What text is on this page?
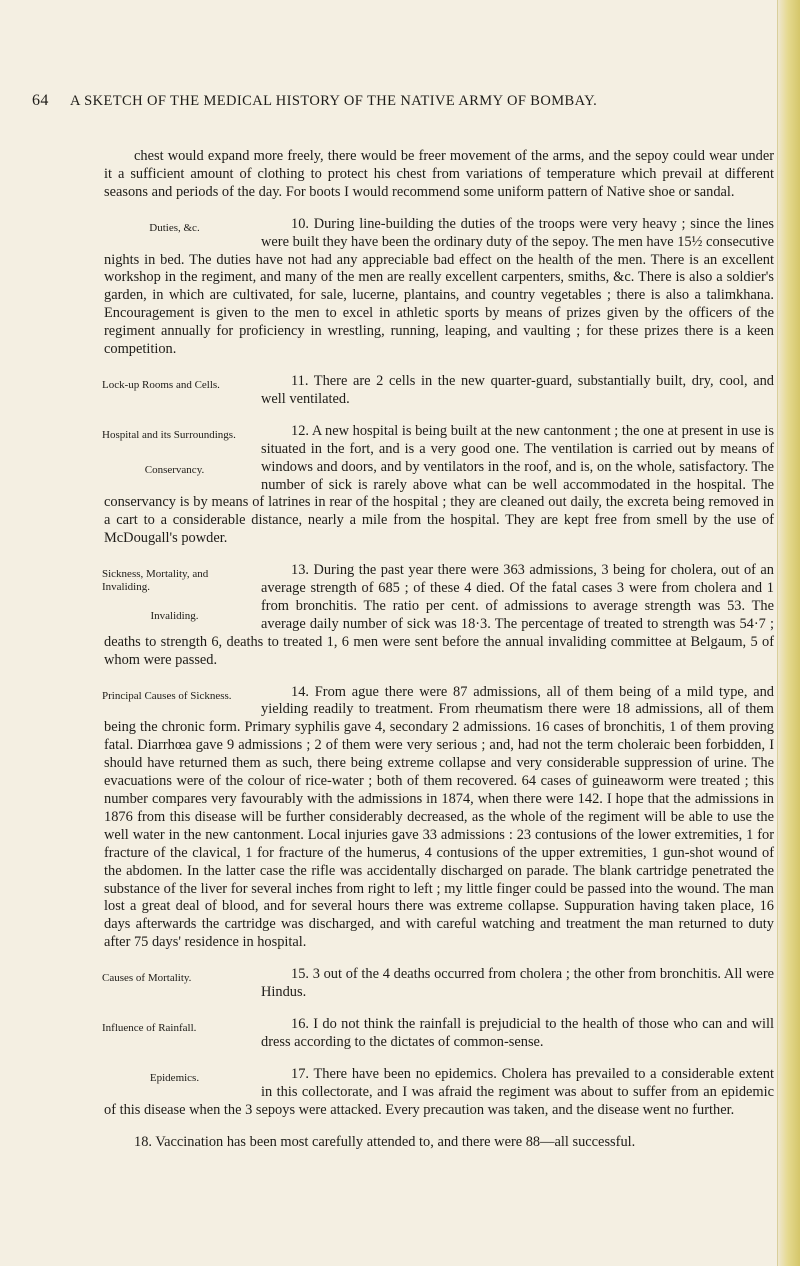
64 A SKETCH OF THE MEDICAL HISTORY OF THE NATIVE ARMY OF BOMBAY.

chest would expand more freely, there would be freer movement of the arms, and the sepoy could wear under it a sufficient amount of clothing to protect his chest from variations of temperature which prevail at different seasons and periods of the day. For boots I would recommend some uniform pattern of Native shoe or sandal.

Duties, &c.	10. During line-building the duties of the troops were very heavy ; since the lines were built they have been the ordinary duty of the sepoy. The men have 15½ consecutive nights in bed. The duties have not had any appreciable bad effect on the health of the men. There is an excellent workshop in the regiment, and many of the men are really excellent carpenters, smiths, &c. There is also a soldier's garden, in which are cultivated, for sale, lucerne, plantains, and country vegetables ; there is also a talimkhana. Encouragement is given to the men to excel in athletic sports by means of prizes given by the officers of the regiment annually for proficiency in wrestling, running, leaping, and vaulting ; for these prizes there is a keen competition.

Lock-up Rooms and Cells.	11. There are 2 cells in the new quarter-guard, substantially built, dry, cool, and well ventilated.

Hospital and its Surroundings.
Conservancy.
12. A new hospital is being built at the new cantonment ; the one at present in use is situated in the fort, and is a very good one. The ventilation is carried out by means of windows and doors, and by ventilators in the roof, and is, on the whole, satisfactory. The number of sick is rarely above what can be well accommodated in the hospital. The conservancy is by means of latrines in rear of the hospital ; they are cleaned out daily, the excreta being removed in a cart to a considerable distance, nearly a mile from the hospital. They are kept free from smell by the use of McDougall's powder.

Sickness, Mortality, and Invaliding.
Invaliding.
13. During the past year there were 363 admissions, 3 being for cholera, out of an average strength of 685 ; of these 4 died. Of the fatal cases 3 were from cholera and 1 from bronchitis. The ratio per cent. of admissions to average strength was 53. The average daily number of sick was 18·3. The percentage of treated to strength was 54·7 ; deaths to strength 6, deaths to treated 1, 6 men were sent before the annual invaliding committee at Belgaum, 5 of whom were passed.

Principal Causes of Sickness.	14. From ague there were 87 admissions, all of them being of a mild type, and yielding readily to treatment. From rheumatism there were 18 admissions, all of them being the chronic form. Primary syphilis gave 4, secondary 2 admissions. 16 cases of bronchitis, 1 of them proving fatal. Diarrhœa gave 9 admissions ; 2 of them were very serious ; and, had not the term choleraic been forbidden, I should have returned them as such, there being extreme collapse and very considerable suppression of urine. The evacuations were of the colour of rice-water ; both of them recovered. 64 cases of guineaworm were treated ; this number compares very favourably with the admissions in 1874, when there were 142. I hope that the admissions in 1876 from this disease will be further considerably decreased, as the whole of the regiment will be able to use the well water in the new cantonment. Local injuries gave 33 admissions : 23 contusions of the lower extremities, 1 for fracture of the clavical, 1 for fracture of the humerus, 4 contusions of the upper extremities, 1 gun-shot wound of the abdomen. In the latter case the rifle was accidentally discharged on parade. The blank cartridge penetrated the substance of the liver for several inches from right to left ; my little finger could be passed into the wound. The man lost a great deal of blood, and for several hours there was extreme collapse. Suppuration having taken place, 16 days afterwards the cartridge was discharged, and with careful watching and treatment the man returned to duty after 75 days' residence in hospital.

Causes of Mortality.	15. 3 out of the 4 deaths occurred from cholera ; the other from bronchitis. All were Hindus.

Influence of Rainfall.	16. I do not think the rainfall is prejudicial to the health of those who can and will dress according to the dictates of common-sense.

Epidemics.	17. There have been no epidemics. Cholera has prevailed to a considerable extent in this collectorate, and I was afraid the regiment was about to suffer from an epidemic of this disease when the 3 sepoys were attacked. Every precaution was taken, and the disease went no further.

18. Vaccination has been most carefully attended to, and there were 88—all successful.
